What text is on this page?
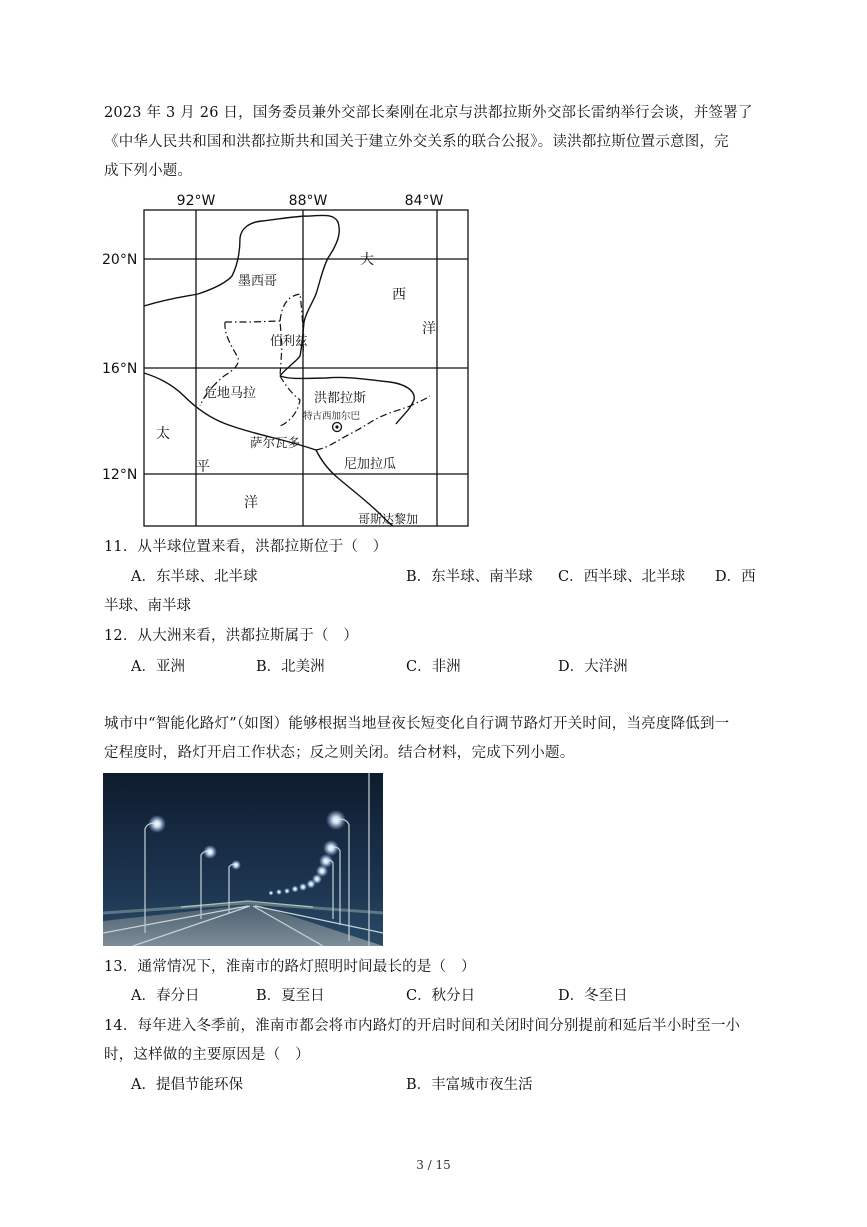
2023 年 3 月 26 日，国务委员兼外交部长秦刚在北京与洪都拉斯外交部长雷纳举行会谈，并签署了
《中华人民共和国和洪都拉斯共和国关于建立外交关系的联合公报》。读洪都拉斯位置示意图，完
成下列小题。
92°W	88°W	84°W
20°N
16°N
12°N
墨西哥
伯利兹
危地马拉	洪都拉斯
特古西加尔巴
萨尔瓦多
尼加拉瓜
哥斯达黎加
大
西
洋
太
平
洋
11．从半球位置来看，洪都拉斯位于（　）
A．东半球、北半球	B．东半球、南半球 C．西半球、北半球 D．西
半球、南半球
12．从大洲来看，洪都拉斯属于（　）
A．亚洲	B．北美洲	C．非洲	D．大洋洲
城市中“智能化路灯”（如图）能够根据当地昼夜长短变化自行调节路灯开关时间，当亮度降低到一
定程度时，路灯开启工作状态；反之则关闭。结合材料，完成下列小题。
13．通常情况下，淮南市的路灯照明时间最长的是（　）
A．春分日	B．夏至日	C．秋分日	D．冬至日
14．每年进入冬季前，淮南市都会将市内路灯的开启时间和关闭时间分别提前和延后半小时至一小
时，这样做的主要原因是（　）
A．提倡节能环保	B．丰富城市夜生活
3 / 15
